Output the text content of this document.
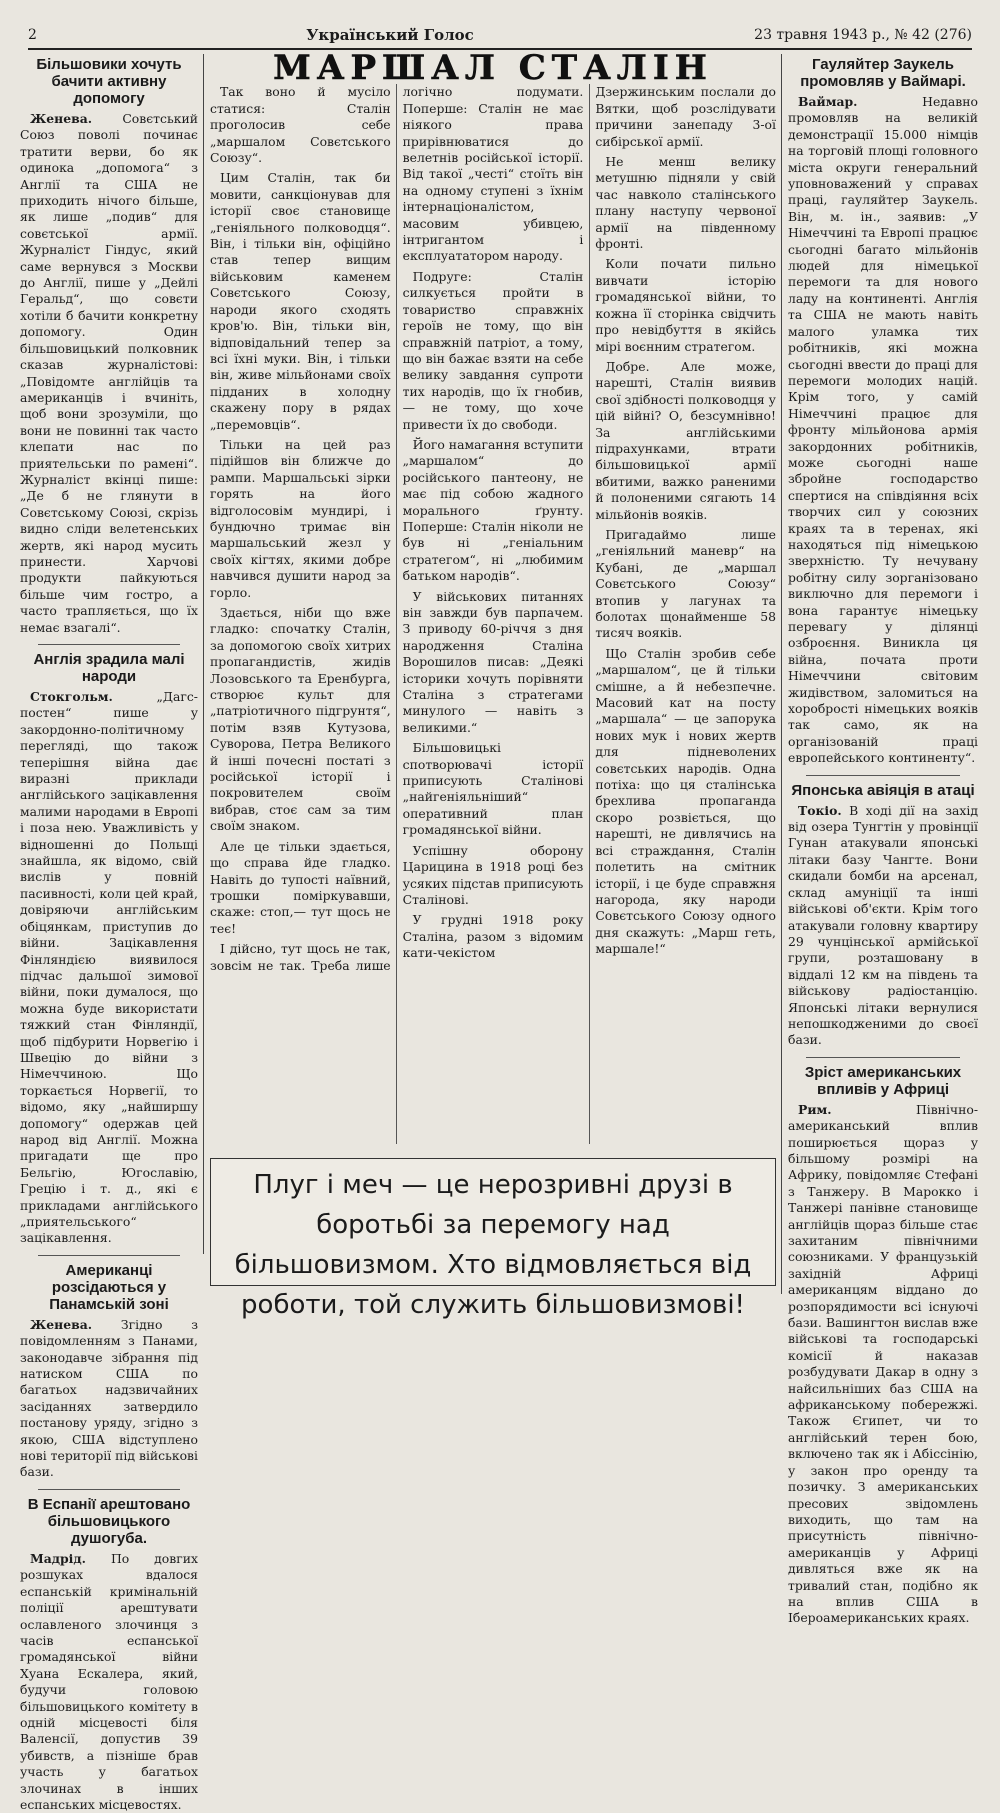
2	Український Голос	23 травня 1943 р., № 42 (276)
Більшовики хочуть бачити активну допомогу

Женева. Совєтський Союз поволі починає тратити верви, бо як одинока „допомога“ з Англії та США не приходить нічого більше, як лише „подив“ для совєтської армії. Журналіст Гіндус, який саме вернувся з Москви до Англії, пише у „Дейлі Геральд“, що совєти хотіли б бачити конкретну допомогу. Один більшовицький полковник сказав журналістові: „Повідомте англійців та американців і вчиніть, щоб вони зрозуміли, що вони не повинні так часто клепати нас по приятельськи по рамені“. Журналіст вкінці пише: „Де б не глянути в Совєтському Союзі, скрізь видно сліди велетенських жертв, які народ мусить принести. Харчові продукти пайкуються більше чим гостро, а часто трапляється, що їх немає взагалі“.

Англія зрадила малі народи

Стокгольм.	„Дагс-постен“ пише у закордонно-політичному перегляді, що також теперішня війна дає виразні приклади англійського зацікавлення малими народами в Европі і поза нею. Уважливість у відношенні до Польщі знайшла, як відомо, свій вислів у повній пасивності, коли цей край, довіряючи англійським обіцянкам, приступив до війни. Зацікавлення Фінляндією виявилося підчас дальшої зимової війни, поки думалося, що можна буде використати тяжкий стан Фінляндії, щоб підбурити Норвегію і Швецію до війни з Німеччиною. Що торкається Норвегії, то відомо, яку „найширшу допомогу“ одержав цей народ від Англії. Можна пригадати ще про Бельгію, Югославію, Грецію і т. д., які є прикладами англійського „приятельського“ зацікавлення.

Американці розсідаються у Панамській зоні

Женева. Згідно з повідомленням з Панами, законодавче зібрання під натиском США по багатьох надзвичайних засіданнях затвердило постанову уряду, згідно з якою, США відступлено нові території під військові бази.

В Еспанії арештовано більшовицького душогуба.

Мадрід. По довгих розшуках вдалося еспанській кримінальній поліції арештувати ославленого злочинця з часів еспанської громадянської війни Хуана Ескалера, який, будучи головою більшовицького комітету в одній місцевості біля Валенсії, допустив 39 убивств, а пізніше брав участь у багатьох злочинах в інших еспанських місцевостях.

МАРШАЛ СТАЛІН

Так воно й мусіло статися: Сталін проголосив себе „маршалом Совєтського Союзу“.

Цим Сталін, так би мовити, санкціонував для історії своє становище „геніяльного полководця“. Він, і тільки він, офіційно став тепер вищим військовим каменем Совєтського Союзу, народи якого сходять кров'ю. Він, тільки він, відповідальний тепер за всі їхні муки. Він, і тільки він, живе мільйонами своїх підданих в холодну скажену пору в рядах „перемовців“.

Тільки на цей раз підійшов він ближче до рампи. Маршальські зірки горять на його відголосовім мундирі, і бундючно тримає він маршальський жезл у своїх кігтях, якими добре навчився душити народ за горло.

Здається, ніби що вже гладко: спочатку Сталін, за допомогою своїх хитрих пропагандистів, жидів Лозовського та Еренбурга, створює культ для „патріотичного підгрунтя“, потім взяв Кутузова, Суворова, Петра Великого й інші почесні постаті з російської історії і покровителем своїм вибрав, стоє сам за тим своїм знаком.

Але це тільки здається, що справа йде гладко. Навіть до тупості наївний, трошки поміркувавши, скаже: стоп,— тут щось не теє!

І дійсно, тут щось не так, зовсім не так. Треба лише логічно подумати. Поперше: Сталін не має ніякого права прирівнюватися до велетнів російської історії. Від такої „честі“ стоїть він на одному ступені з їхнім інтернаціоналістом, масовим убивцею, інтригантом і експлуататором народу.

Подруге: Сталін силкується пройти в товариство справжніх героїв не тому, що він справжній патріот, а тому, що він бажає взяти на себе велику завдання супроти тих народів, що їх гнобив,— не тому, що хоче привести їх до свободи.

Його намагання вступити „маршалом“ до російського пантеону, не має під собою жадного морального ґрунту. Поперше: Сталін ніколи не був ні „геніальним стратегом“, ні „любимим батьком народів“.

У військових питаннях він завжди був парпачем. З приводу 60-річчя з дня народження Сталіна Ворошилов писав: „Деякі історики хочуть порівняти Сталіна з стратегами минулого — навіть з великими.“

Більшовицькі спотворювачі історії приписують Сталінові „найгеніяльніший“ оперативний план громадянської війни.

Успішну оборону Царицина в 1918 році без усяких підстав приписують Сталінові.

У грудні 1918 року Сталіна, разом з відомим кати-чекістом Дзержинським послали до Вятки, щоб розслідувати причини занепаду 3-ої сибірської армії.

Не менш велику метушню підняли у свій час навколо сталінського плану наступу червоної армії на південному фронті.

Коли почати пильно вивчати історію громадянської війни, то кожна її сторінка свідчить про невідбуття в якійсь мірі воєнним стратегом.

Добре. Але може, нарешті, Сталін виявив свої здібності полководця у цій війні? О, безсумнівно! За англійськими підрахунками, втрати більшовицької армії вбитими, важко раненими й полоненими сягають 14 мільйонів вояків.

Пригадаймо лише „геніяльний маневр“ на Кубані, де „маршал Совєтського Союзу“ втопив у лагунах та болотах щонайменше 58 тисяч вояків.

Що Сталін зробив себе „маршалом“, це й тільки смішне, а й небезпечне. Масовий кат на посту „маршала“ — це запорука нових мук і нових жертв для підневолених совєтських народів. Одна потіха: що ця сталінська брехлива пропаганда скоро розвіється, що нарешті, не дивлячись на всі страждання, Сталін полетить на смітник історії, і це буде справжня нагорода, яку народи Совєтського Союзу одного дня скажуть: „Марш геть, маршале!“

Плуг і меч — це нерозривні друзі в боротьбі за перемогу над більшовизмом. Хто відмовляється від роботи, той служить більшовизмові!
Гауляйтер Заукель промовляв у Ваймарі.

Ваймар.	Недавно промовляв на великій демонстрації 15.000 німців на торговій площі головного міста округи генеральний уповноважений у справах праці, гауляйтер Заукель. Він, м. ін., заявив: „У Німеччині та Европі працює сьогодні багато мільйонів людей для німецької перемоги та для нового ладу на континенті. Англія та США не мають навіть малого уламка тих робітників, які можна сьогодні ввести до праці для перемоги молодих націй. Крім того, у самій Німеччині працює для фронту мільйонова армія закордонних робітників, може сьогодні наше збройне господарство спертися на співдіяння всіх творчих сил у союзних краях та в теренах, які находяться під німецькою зверхністю. Ту нечувану робітну силу зорганізовано виключно для перемоги і вона гарантує німецьку перевагу у ділянці озброєння. Виникла ця війна, почата проти Німеччини світовим жидівством, заломиться на хоробрості німецьких вояків так само, як на організованій праці европейського континенту“.

Японська авіяція в атаці

Токіо. В ході дії на захід від озера Тунгтін у провінції Гунан атакували японські літаки базу Чангте. Вони скидали бомби на арсенал, склад амуніції та інші військові об'єкти. Крім того атакували головну квартиру 29 чунцінської армійської групи, розташовану в віддалі 12 км на південь та військову радіостанцію. Японські літаки вернулися непошкодженими до своєї бази.

Зріст американських впливів у Африці

Рим.	Північно-американський вплив поширюється щораз у більшому розмірі на Африку, повідомляє Стефані з Танжеру. В Марокко і Танжері панівне становище англійців щораз більше стає захитаним північними союзниками. У французькій західній Африці американцям віддано до розпорядимости всі існуючі бази. Вашингтон вислав вже військові та господарські комісії й наказав розбудувати Дакар в одну з найсильніших баз США на африканському побережжі. Також Єгипет, чи то англійський терен бою, включено так як і Абіссінію, у закон про оренду та позичку. З американських пресових звідомлень виходить, що там на присутність північно-американців у Африці дивляться вже як на тривалий стан, подібно як на вплив США в Ібероамериканських краях.
